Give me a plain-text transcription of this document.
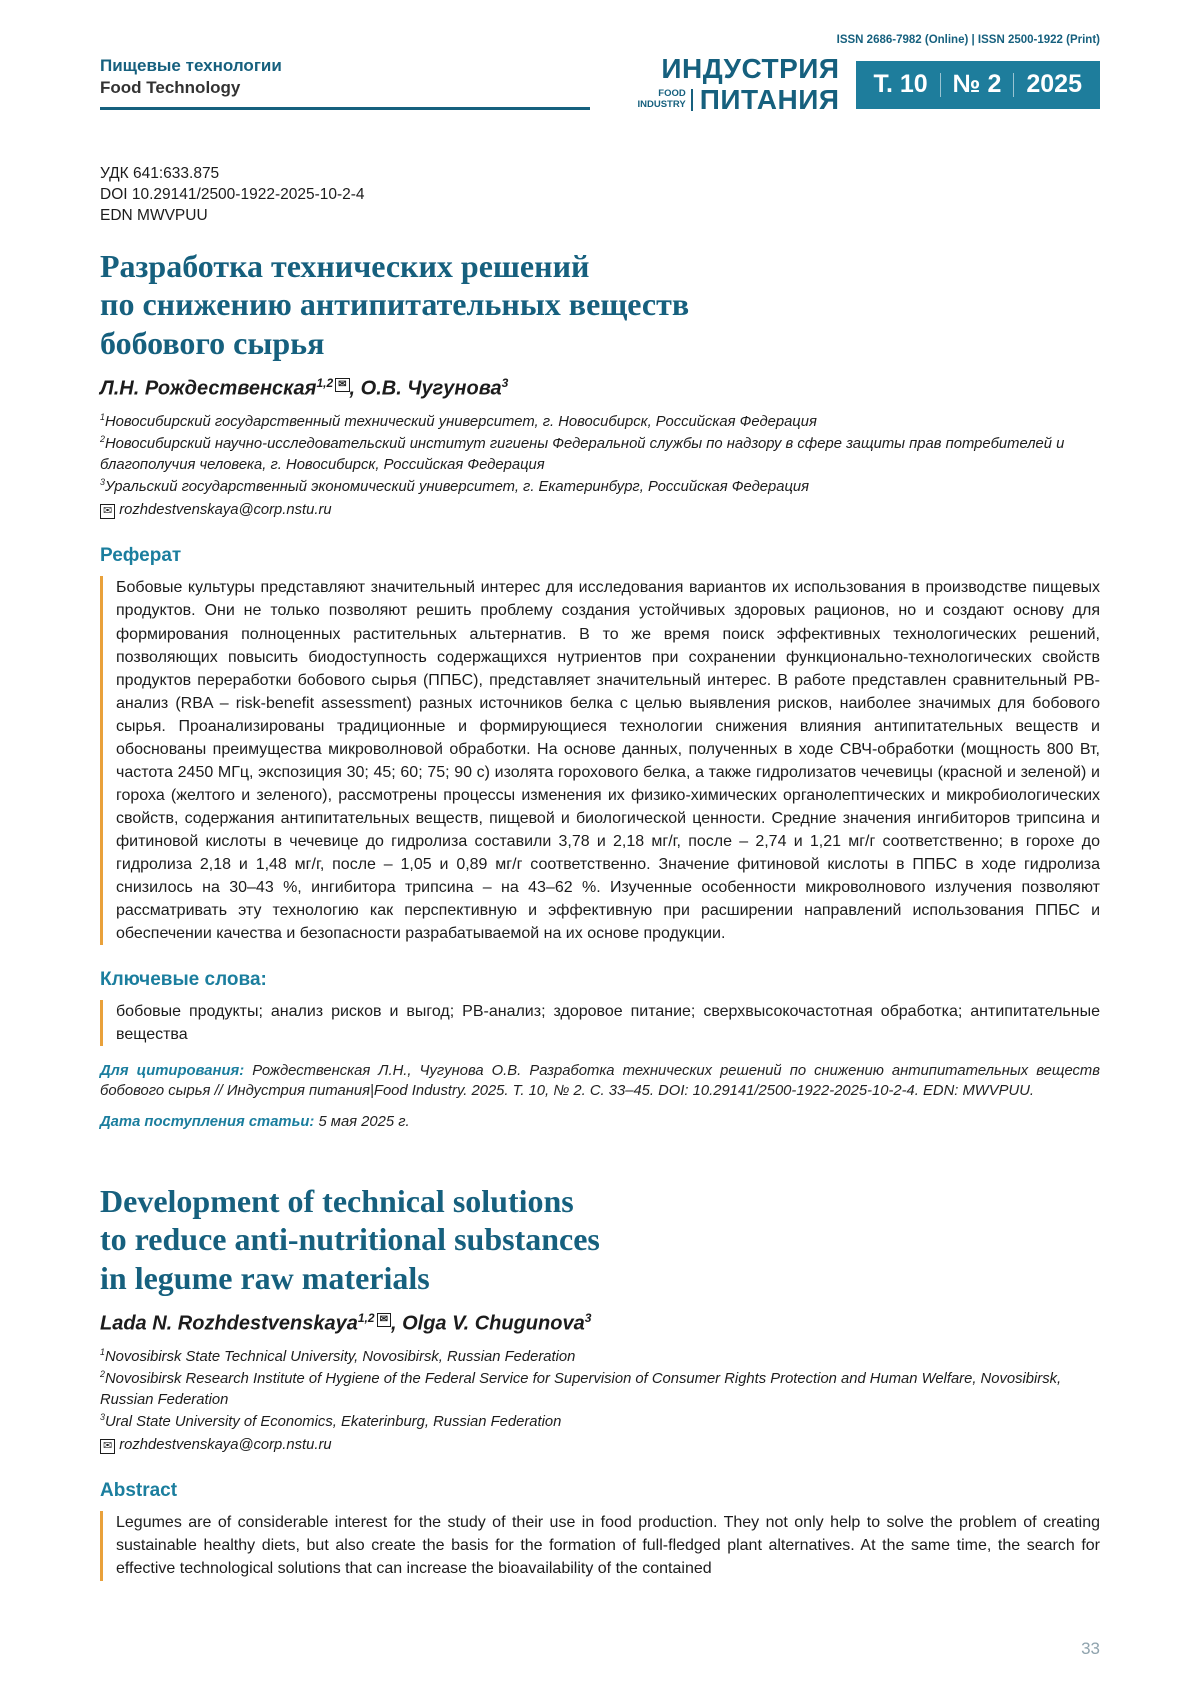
Пищевые технологии
Food Technology
ISSN 2686-7982 (Online) | ISSN 2500-1922 (Print)
ИНДУСТРИЯ
FOOD
INDUSTRY ПИТАНИЯ Т. 10 № 2 2025
УДК 641:633.875
DOI 10.29141/2500-1922-2025-10-2-4
EDN MWVPUU
Разработка технических решений
по снижению антипитательных веществ
бобового сырья

Л.Н. Рождественская$^{1,2}$ ✉ , О.В. Чугунова$^3$

$^1$Новосибирский государственный технический университет, г. Новосибирск, Российская Федерация

$^2$Новосибирский научно-исследовательский институт гигиены Федеральной службы по надзору в сфере защиты прав потребителей и благополучия человека, г. Новосибирск, Российская Федерация

$^3$Уральский государственный экономический университет, г. Екатеринбург, Российская Федерация

✉ rozhdestvenskaya@corp.nstu.ru

Реферат

Бобовые культуры представляют значительный интерес для исследования вариантов их использования в производстве пищевых продуктов. Они не только позволяют решить проблему создания устойчивых здоровых рационов, но и создают основу для формирования полноценных растительных альтернатив. В то же время поиск эффективных технологических решений, позволяющих повысить биодоступность содержащихся нутриентов при сохранении функционально-технологических свойств продуктов переработки бобового сырья (ППБС), представляет значительный интерес. В работе представлен сравнительный РВ-анализ (RBA – risk-benefit assessment) разных источников белка с целью выявления рисков, наиболее значимых для бобового сырья. Проанализированы традиционные и формирующиеся технологии снижения влияния антипитательных веществ и обоснованы преимущества микроволновой обработки. На основе данных, полученных в ходе СВЧ-обработки (мощность 800 Вт, частота 2450 МГц, экспозиция 30; 45; 60; 75; 90 с) изолята горохового белка, а также гидролизатов чечевицы (красной и зеленой) и гороха (желтого и зеленого), рассмотрены процессы изменения их физико-химических органолептических и микробиологических свойств, содержания антипитательных веществ, пищевой и биологической ценности. Средние значения ингибиторов трипсина и фитиновой кислоты в чечевице до гидролиза составили 3,78 и 2,18 мг/г, после – 2,74 и 1,21 мг/г соответственно; в горохе до гидролиза 2,18 и 1,48 мг/г, после – 1,05 и 0,89 мг/г соответственно. Значение фитиновой кислоты в ППБС в ходе гидролиза снизилось на 30–43 %, ингибитора трипсина – на 43–62 %. Изученные особенности микроволнового излучения позволяют рассматривать эту технологию как перспективную и эффективную при расширении направлений использования ППБС и обеспечении качества и безопасности разрабатываемой на их основе продукции.

Ключевые слова:

бобовые продукты; анализ рисков и выгод; РВ-анализ; здоровое питание; сверхвысокочастотная обработка; антипитательные вещества

Для цитирования: Рождественская Л.Н., Чугунова О.В. Разработка технических решений по снижению антипитательных веществ бобового сырья // Индустрия питания|Food Industry. 2025. Т. 10, № 2. С. 33–45. DOI: 10.29141/2500-1922-2025-10-2-4. EDN: MWVPUU.

Дата поступления статьи: 5 мая 2025 г.

Development of technical solutions
to reduce anti-nutritional substances
in legume raw materials

Lada N. Rozhdestvenskaya$^{1,2}$ ✉ , Olga V. Chugunova$^3$

$^1$Novosibirsk State Technical University, Novosibirsk, Russian Federation

$^2$Novosibirsk Research Institute of Hygiene of the Federal Service for Supervision of Consumer Rights Protection and Human Welfare, Novosibirsk, Russian Federation

$^3$Ural State University of Economics, Ekaterinburg, Russian Federation

✉ rozhdestvenskaya@corp.nstu.ru

Abstract

Legumes are of considerable interest for the study of their use in food production. They not only help to solve the problem of creating sustainable healthy diets, but also create the basis for the formation of full-fledged plant alternatives. At the same time, the search for effective technological solutions that can increase the bioavailability of the contained

33
